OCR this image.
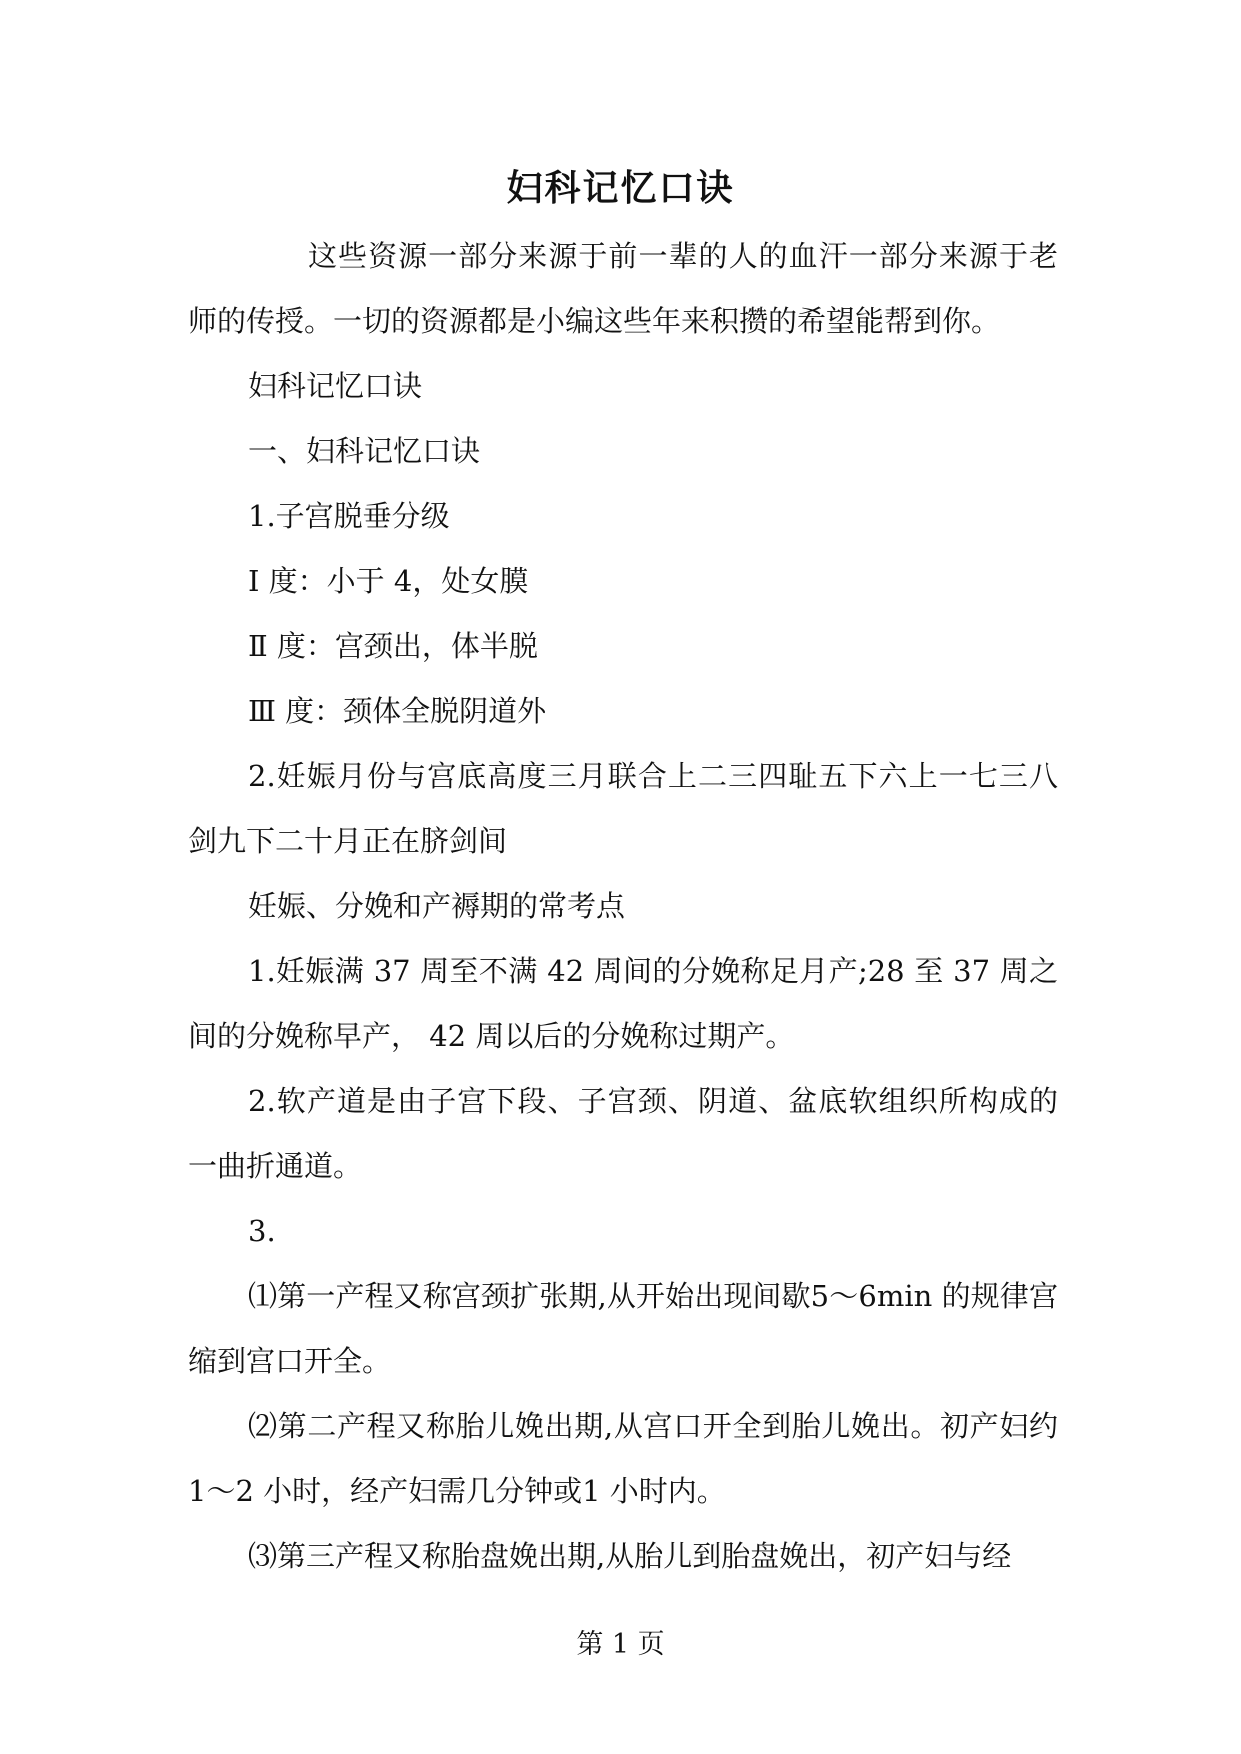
妇科记忆口诀

这些资源一部分来源于前一辈的人的血汗一部分来源于老师的传授。一切的资源都是小编这些年来积攒的希望能帮到你。

妇科记忆口诀

一、妇科记忆口诀

1.子宫脱垂分级

Ⅰ 度：小于 4，处女膜

Ⅱ 度：宫颈出，体半脱

Ⅲ 度：颈体全脱阴道外

2.妊娠月份与宫底高度三月联合上二三四耻五下六上一七三八剑九下二十月正在脐剑间

妊娠、分娩和产褥期的常考点

1.妊娠满 37 周至不满 42 周间的分娩称足月产;28 至 37 周之间的分娩称早产， 42 周以后的分娩称过期产。

2.软产道是由子宫下段、子宫颈、阴道、盆底软组织所构成的一曲折通道。

3.

⑴第一产程又称宫颈扩张期,从开始出现间歇5～6min 的规律宫缩到宫口开全。

⑵第二产程又称胎儿娩出期,从宫口开全到胎儿娩出。初产妇约 1～2 小时，经产妇需几分钟或1 小时内。

⑶第三产程又称胎盘娩出期,从胎儿到胎盘娩出，初产妇与经

第 1 页
